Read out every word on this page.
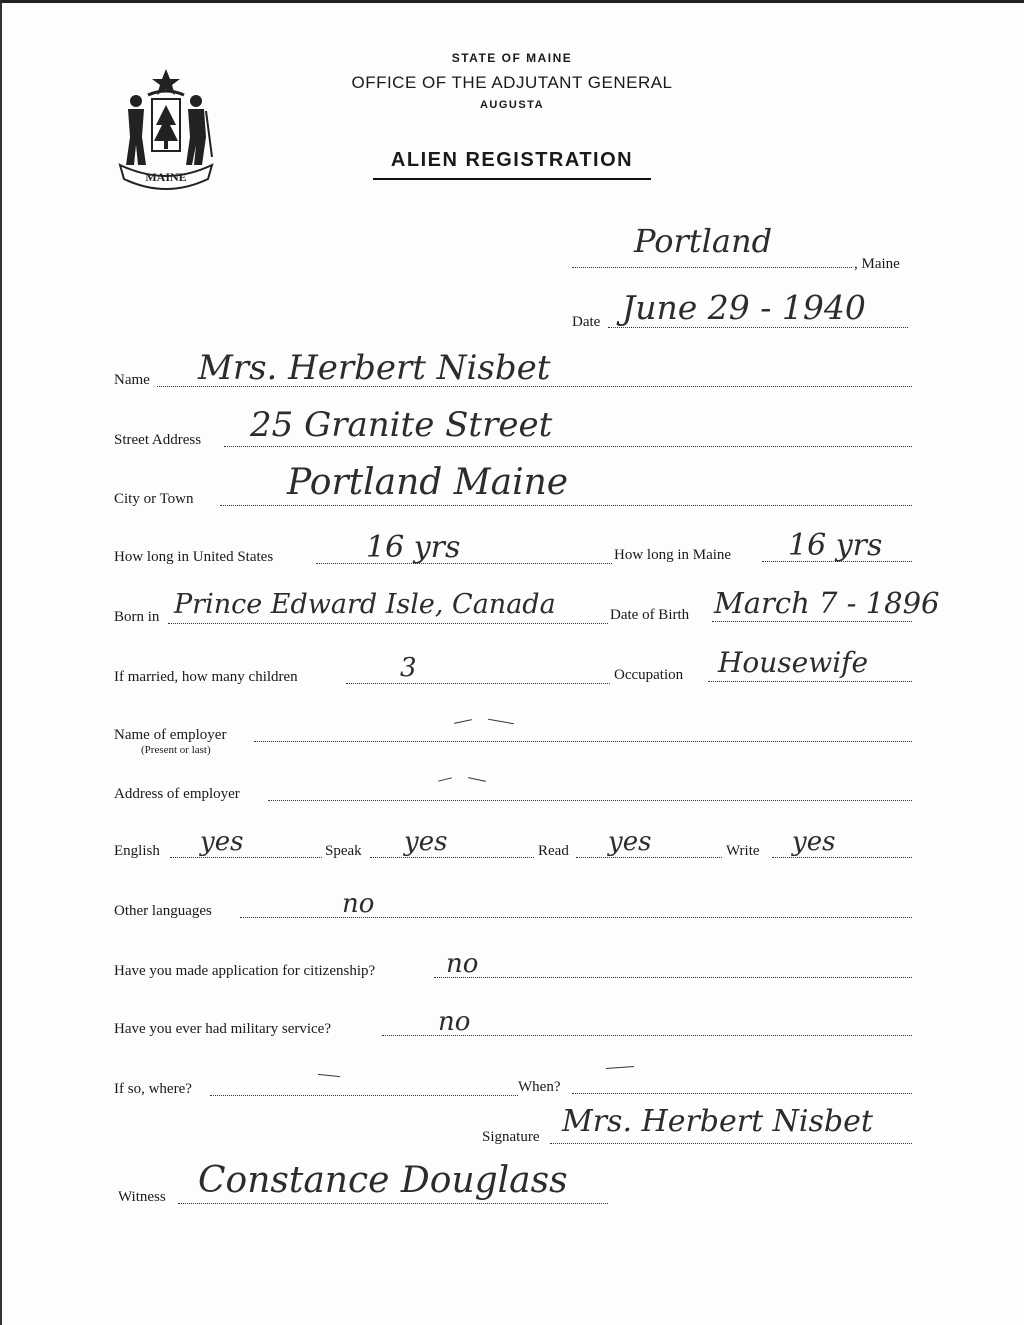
MAINE
STATE OF MAINE
OFFICE OF THE ADJUTANT GENERAL
AUGUSTA
ALIEN REGISTRATION
Portland
, Maine
Date June 29 - 1940
Name Mrs. Herbert Nisbet
Street Address 25 Granite Street
City or Town	Portland Maine
How long in United States	16 yrs	How long in Maine 16 yrs
Born in Prince Edward Isle, Canada	Date of Birth March 7 - 1896
If married, how many children	3	Occupation Housewife
Name of employer
(Present or last)
Address of employer
English yes	Speak yes	Read yes	Write yes
Other languages	no
Have you made application for citizenship?	no
Have you ever had military service?	no
If so, where?	When?
Signature Mrs. Herbert Nisbet
Witness Constance Douglass
